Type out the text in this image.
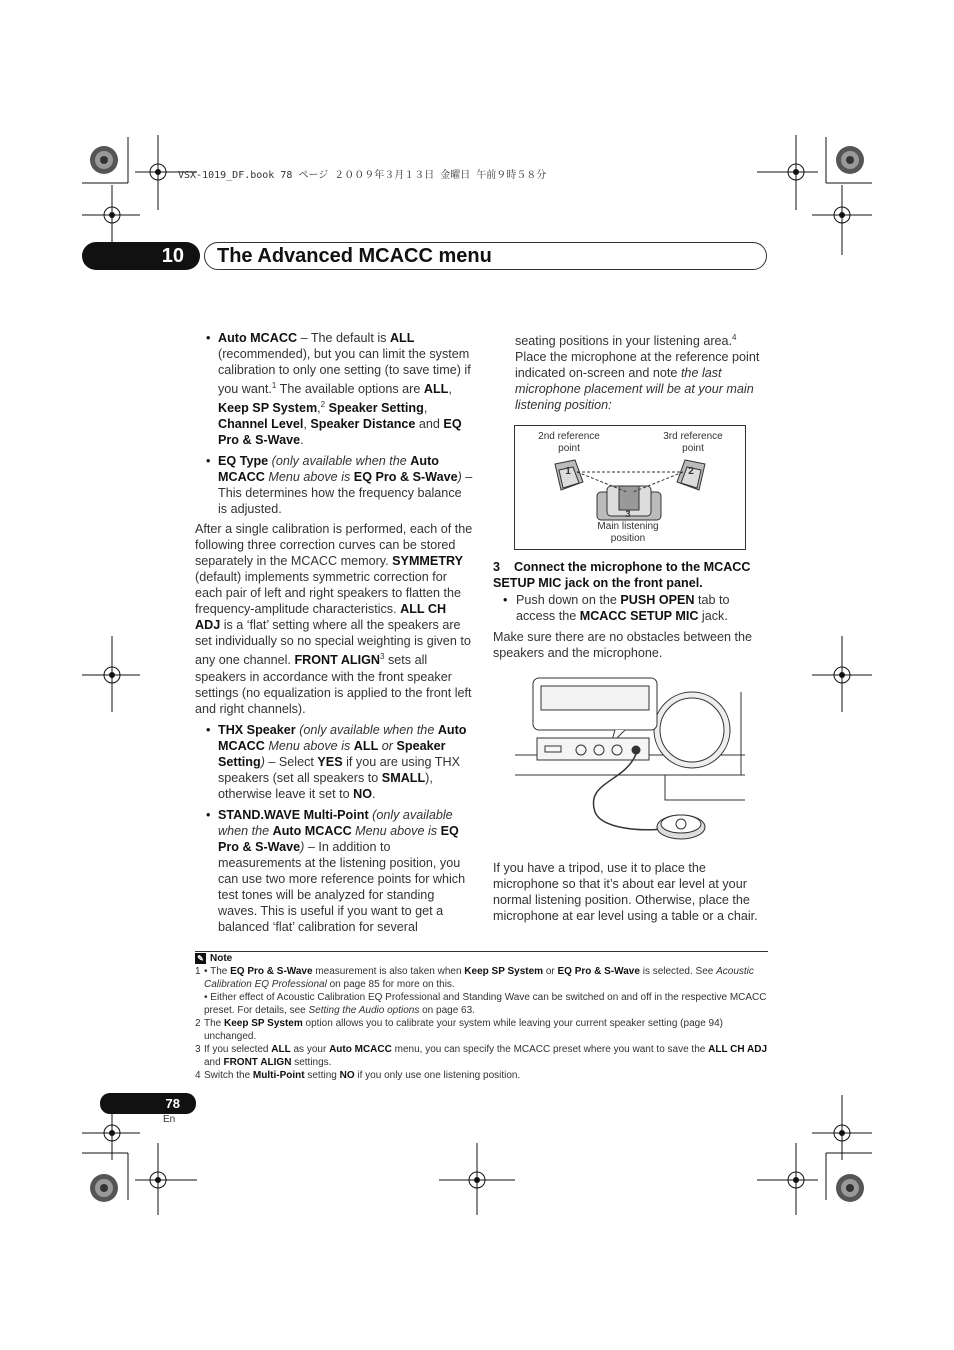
VSX-1019_DF.book 78 ページ ２００９年３月１３日 金曜日 午前９時５８分
10	The Advanced MCACC menu

• Auto MCACC – The default is ALL (recommended), but you can limit the system calibration to only one setting (to save time) if you want.$^1$ The available options are ALL, Keep SP System,$^2$ Speaker Setting, Channel Level, Speaker Distance and EQ Pro & S-Wave.

• EQ Type (only available when the Auto MCACC Menu above is EQ Pro & S-Wave) – This determines how the frequency balance is adjusted.

After a single calibration is performed, each of the following three correction curves can be stored separately in the MCACC memory. SYMMETRY (default) implements symmetric correction for each pair of left and right speakers to flatten the frequency-amplitude characteristics. ALL CH ADJ is a ‘flat’ setting where all the speakers are set individually so no special weighting is given to any one channel. FRONT ALIGN$^3$ sets all speakers in accordance with the front speaker settings (no equalization is applied to the front left and right channels).

• THX Speaker (only available when the Auto MCACC Menu above is ALL or Speaker Setting) – Select YES if you are using THX speakers (set all speakers to SMALL), otherwise leave it set to NO.

• STAND.WAVE Multi-Point (only available when the Auto MCACC Menu above is EQ Pro & S-Wave) – In addition to measurements at the listening position, you can use two more reference points for which test tones will be analyzed for standing waves. This is useful if you want to get a balanced ‘flat’ calibration for several

seating positions in your listening area.$^4$ Place the microphone at the reference point indicated on-screen and note the last microphone placement will be at your main listening position:

2nd reference point
3rd reference point
1	2
3
Main listening position

3 Connect the microphone to the MCACC SETUP MIC jack on the front panel.

• Push down on the PUSH OPEN tab to access the MCACC SETUP MIC jack.

Make sure there are no obstacles between the speakers and the microphone.

If you have a tripod, use it to place the microphone so that it’s about ear level at your normal listening position. Otherwise, place the microphone at ear level using a table or a chair.

✎ Note
1 • The EQ Pro & S-Wave measurement is also taken when Keep SP System or EQ Pro & S-Wave is selected. See Acoustic Calibration EQ Professional on page 85 for more on this.
• Either effect of Acoustic Calibration EQ Professional and Standing Wave can be switched on and off in the respective MCACC preset. For details, see Setting the Audio options on page 63.
2 The Keep SP System option allows you to calibrate your system while leaving your current speaker setting (page 94) unchanged.
3 If you selected ALL as your Auto MCACC menu, you can specify the MCACC preset where you want to save the ALL CH ADJ and FRONT ALIGN settings.
4 Switch the Multi-Point setting NO if you only use one listening position.
78
En
